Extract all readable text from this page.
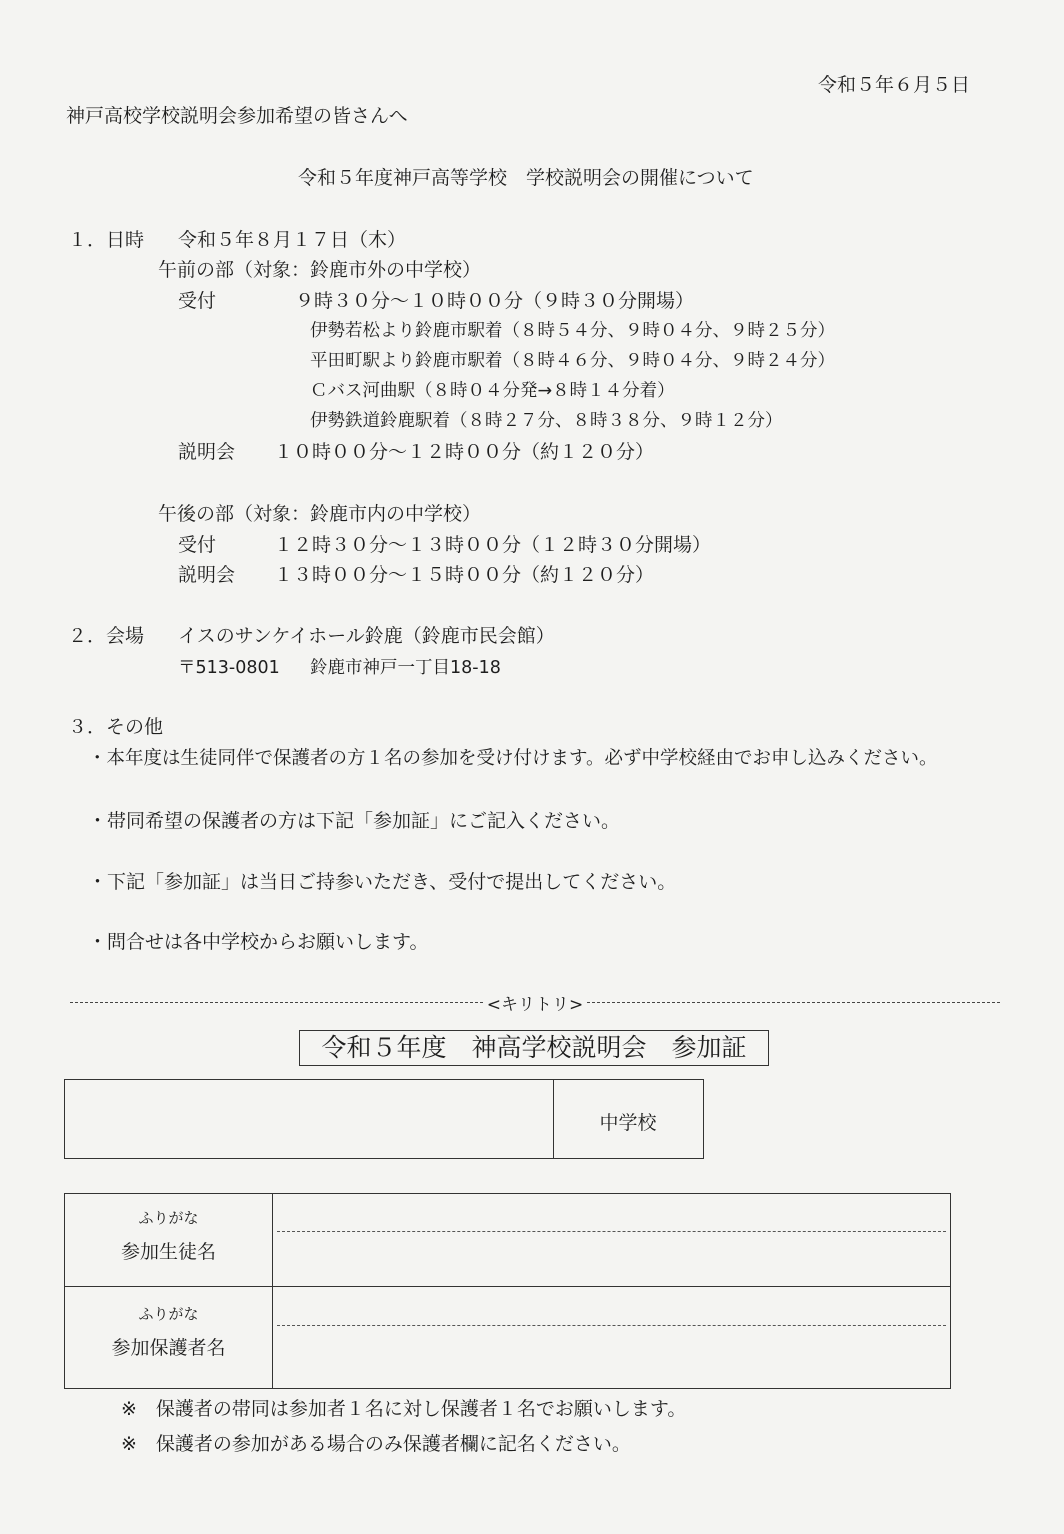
令和５年６月５日
神戸高校学校説明会参加希望の皆さんへ
令和５年度神戸高等学校　学校説明会の開催について
１．日時 令和５年８月１７日（木）
午前の部（対象：鈴鹿市外の中学校）
受付	９時３０分～１０時００分（９時３０分開場）
伊勢若松より鈴鹿市駅着（８時５４分、９時０４分、９時２５分）
平田町駅より鈴鹿市駅着（８時４６分、９時０４分、９時２４分）
Ｃバス河曲駅（８時０４分発→８時１４分着）
伊勢鉄道鈴鹿駅着（８時２７分、８時３８分、９時１２分）
説明会 １０時００分～１２時００分（約１２０分）
午後の部（対象：鈴鹿市内の中学校）
受付	１２時３０分～１３時００分（１２時３０分開場）
説明会 １３時００分～１５時００分（約１２０分）
２．会場 イスのサンケイホール鈴鹿（鈴鹿市民会館）
〒513-0801 鈴鹿市神戸一丁目18-18
３．その他
・本年度は生徒同伴で保護者の方１名の参加を受け付けます。必ず中学校経由でお申し込みください。
・帯同希望の保護者の方は下記「参加証」にご記入ください。
・下記「参加証」は当日ご持参いただき、受付で提出してください。
・問合せは各中学校からお願いします。
<キリトリ>
令和５年度　神高学校説明会　参加証
中学校
ふりがな
参加生徒名
ふりがな
参加保護者名
※　保護者の帯同は参加者１名に対し保護者１名でお願いします。
※　保護者の参加がある場合のみ保護者欄に記名ください。
